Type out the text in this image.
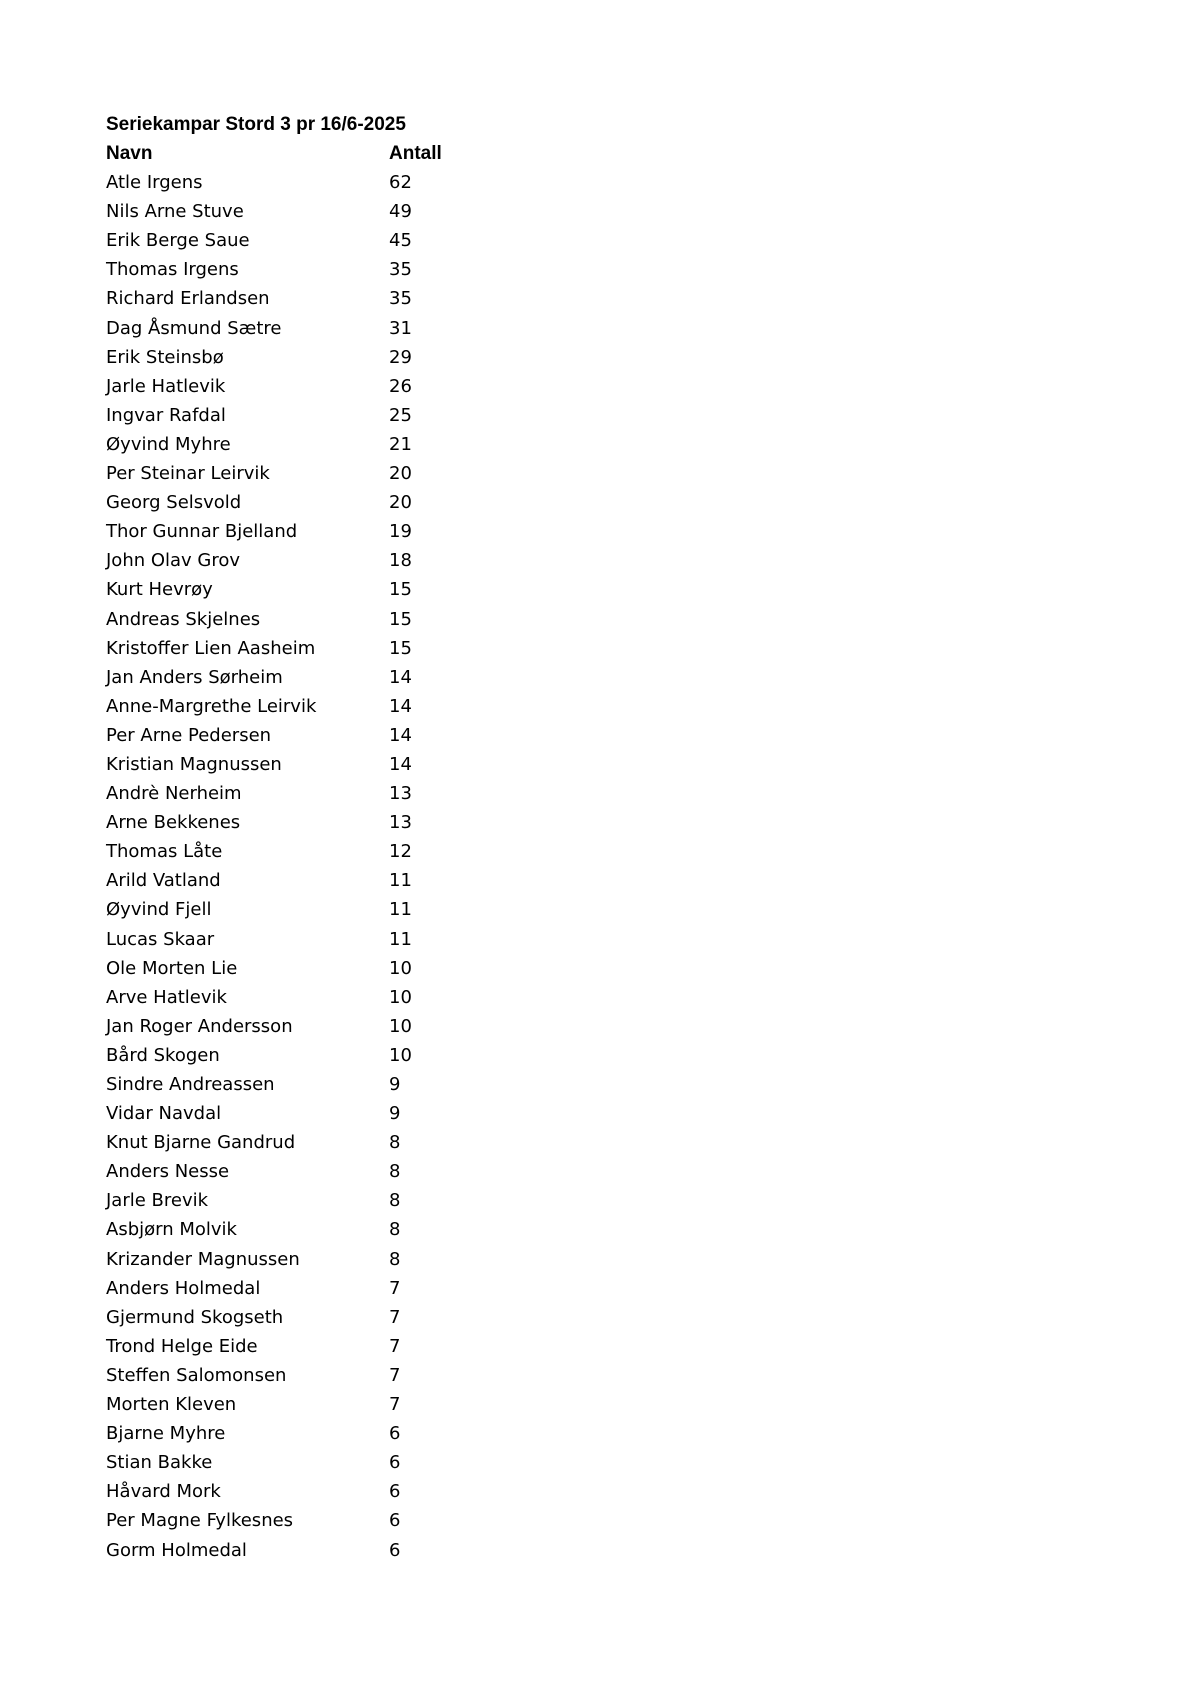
Seriekampar Stord 3 pr 16/6-2025
Navn	Antall
Atle Irgens	62
Nils Arne Stuve	49
Erik Berge Saue	45
Thomas Irgens	35
Richard Erlandsen	35
Dag Åsmund Sætre	31
Erik Steinsbø	29
Jarle Hatlevik	26
Ingvar Rafdal	25
Øyvind Myhre	21
Per Steinar Leirvik	20
Georg Selsvold	20
Thor Gunnar Bjelland	19
John Olav Grov	18
Kurt Hevrøy	15
Andreas Skjelnes	15
Kristoffer Lien Aasheim	15
Jan Anders Sørheim	14
Anne-Margrethe Leirvik	14
Per Arne Pedersen	14
Kristian Magnussen	14
Andrè Nerheim	13
Arne Bekkenes	13
Thomas Låte	12
Arild Vatland	11
Øyvind Fjell	11
Lucas Skaar	11
Ole Morten Lie	10
Arve Hatlevik	10
Jan Roger Andersson	10
Bård Skogen	10
Sindre Andreassen	9
Vidar Navdal	9
Knut Bjarne Gandrud	8
Anders Nesse	8
Jarle Brevik	8
Asbjørn Molvik	8
Krizander Magnussen	8
Anders Holmedal	7
Gjermund Skogseth	7
Trond Helge Eide	7
Steffen Salomonsen	7
Morten Kleven	7
Bjarne Myhre	6
Stian Bakke	6
Håvard Mork	6
Per Magne Fylkesnes	6
Gorm Holmedal	6
